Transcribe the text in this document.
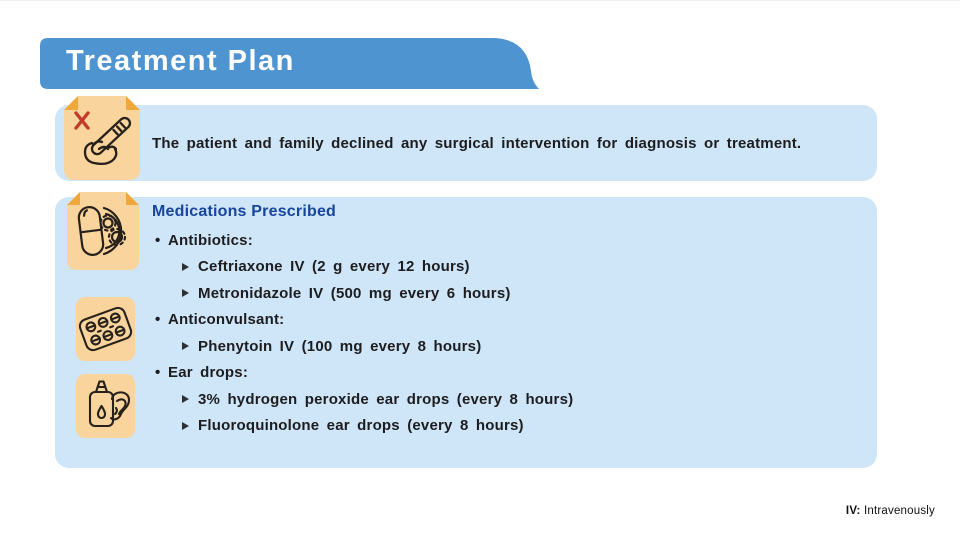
Treatment Plan
The patient and family declined any surgical intervention for diagnosis or treatment.
Medications Prescribed
• Antibiotics:
Ceftriaxone IV (2 g every 12 hours)
Metronidazole IV (500 mg every 6 hours)
• Anticonvulsant:
Phenytoin IV (100 mg every 8 hours)
• Ear drops:
3% hydrogen peroxide ear drops (every 8 hours)
Fluoroquinolone ear drops (every 8 hours)
IV: Intravenously
